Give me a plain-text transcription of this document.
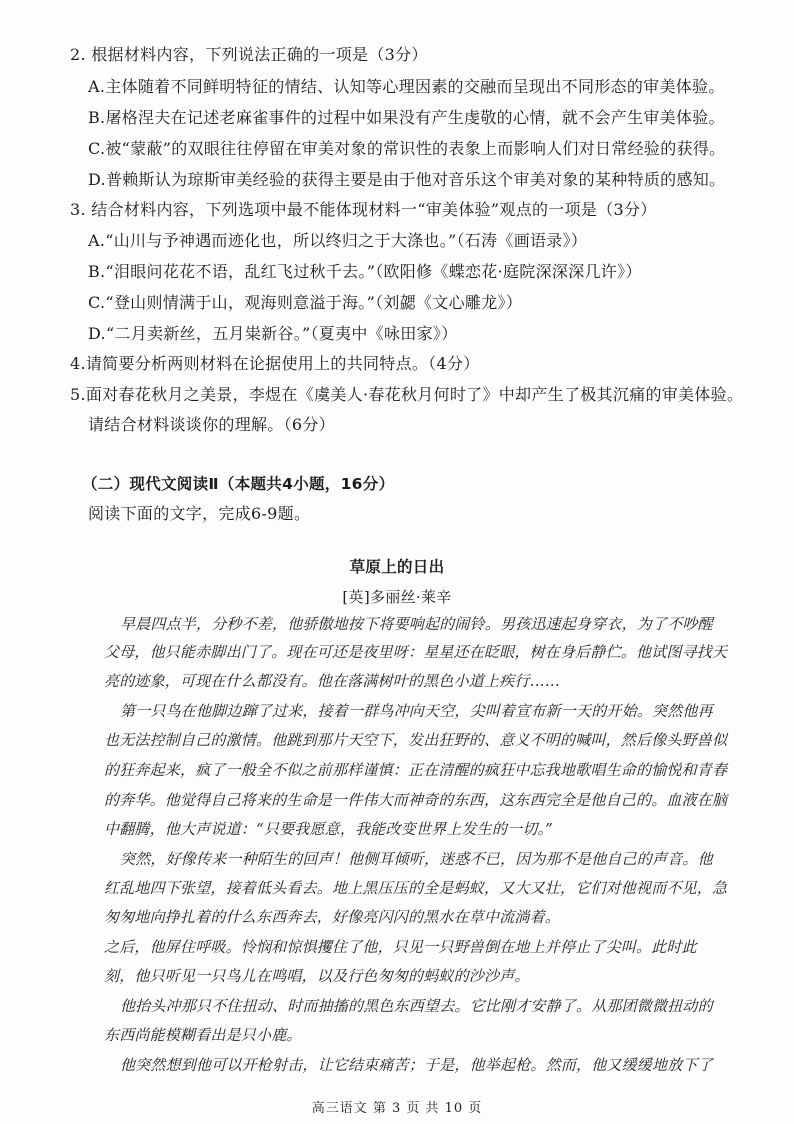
2. 根据材料内容，下列说法正确的一项是（3分）
A.主体随着不同鲜明特征的情结、认知等心理因素的交融而呈现出不同形态的审美体验。
B.屠格涅夫在记述老麻雀事件的过程中如果没有产生虔敬的心情，就不会产生审美体验。
C.被“蒙蔽”的双眼往往停留在审美对象的常识性的表象上而影响人们对日常经验的获得。
D.普赖斯认为琼斯审美经验的获得主要是由于他对音乐这个审美对象的某种特质的感知。
3. 结合材料内容，下列选项中最不能体现材料一“审美体验”观点的一项是（3分）
A.“山川与予神遇而迹化也，所以终归之于大涤也。”（石涛《画语录》）
B.“泪眼问花花不语，乱红飞过秋千去。”（欧阳修《蝶恋花·庭院深深深几许》）
C.“登山则情满于山，观海则意溢于海。”（刘勰《文心雕龙》）
D.“二月卖新丝，五月粜新谷。”（夏夷中《咏田家》）
4.请简要分析两则材料在论据使用上的共同特点。（4分）
5.面对春花秋月之美景，李煜在《虞美人·春花秋月何时了》中却产生了极其沉痛的审美体验。
请结合材料谈谈你的理解。（6分）
（二）现代文阅读Ⅱ（本题共4小题，16分）
阅读下面的文字，完成6-9题。
草原上的日出
[英]多丽丝·莱辛
早晨四点半，分秒不差，他骄傲地按下将要响起的闹铃。男孩迅速起身穿衣，为了不吵醒
父母，他只能赤脚出门了。现在可还是夜里呀：星星还在眨眼，树在身后静伫。他试图寻找天
亮的迹象，可现在什么都没有。他在落满树叶的黑色小道上疾行……
第一只鸟在他脚边蹿了过来，接着一群鸟冲向天空，尖叫着宣布新一天的开始。突然他再
也无法控制自己的激情。他跳到那片天空下，发出狂野的、意义不明的喊叫，然后像头野兽似
的狂奔起来，疯了一般全不似之前那样谨慎：正在清醒的疯狂中忘我地歌唱生命的愉悦和青春
的奔华。他觉得自己将来的生命是一件伟大而神奇的东西，这东西完全是他自己的。血液在脑
中翻腾，他大声说道：“只要我愿意，我能改变世界上发生的一切。”
突然，好像传来一种陌生的回声！他侧耳倾听，迷惑不已，因为那不是他自己的声音。他
红乱地四下张望，接着低头看去。地上黑压压的全是蚂蚁，又大又壮，它们对他视而不见，急
匆匆地向挣扎着的什么东西奔去，好像亮闪闪的黑水在草中流淌着。
之后，他屏住呼吸。怜悯和惊惧攫住了他，只见一只野兽倒在地上并停止了尖叫。此时此
刻，他只听见一只鸟儿在鸣唱，以及行色匆匆的蚂蚁的沙沙声。
他抬头冲那只不住扭动、时而抽搐的黑色东西望去。它比刚才安静了。从那团微微扭动的
东西尚能模糊看出是只小鹿。
他突然想到他可以开枪射击，让它结束痛苦；于是，他举起枪。然而，他又缓缓地放下了
高三语文 第 3 页 共 10 页
